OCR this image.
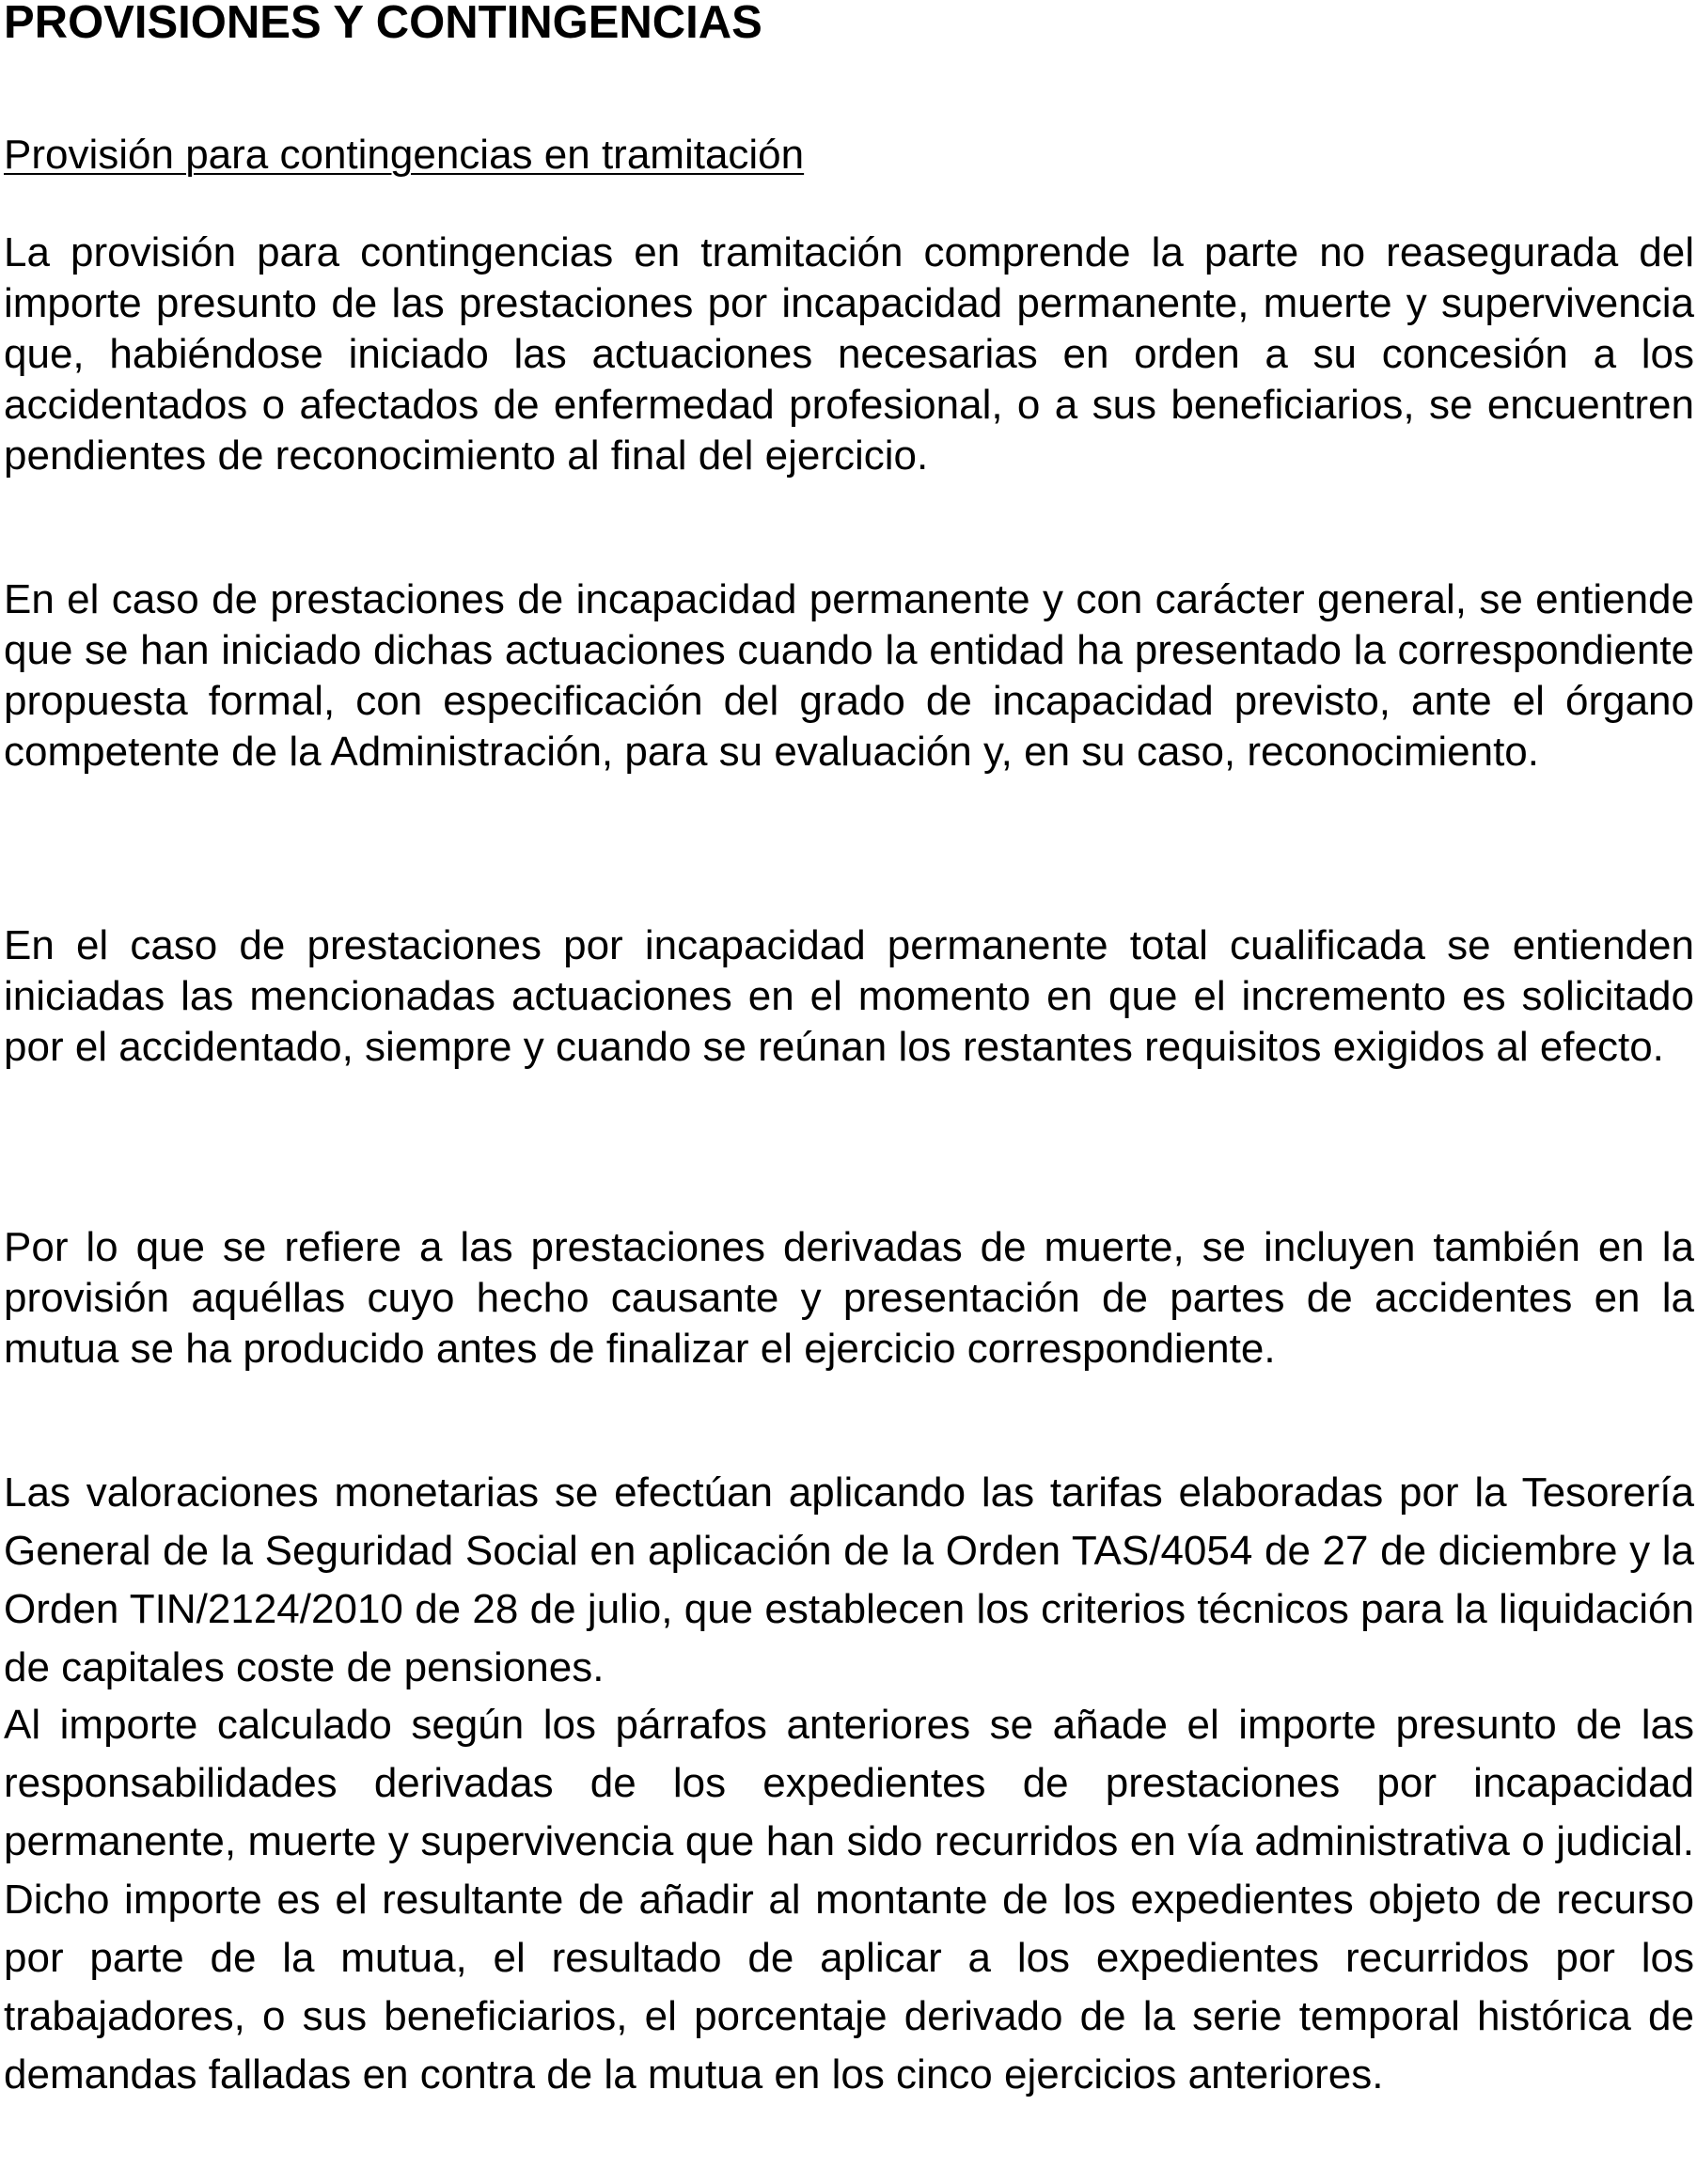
PROVISIONES Y CONTINGENCIAS
Provisión para contingencias en tramitación

La provisión para contingencias en tramitación comprende la parte no reasegurada del importe presunto de las prestaciones por incapacidad permanente, muerte y supervivencia que, habiéndose iniciado las actuaciones necesarias en orden a su concesión a los accidentados o afectados de enfermedad profesional, o a sus beneficiarios, se encuentren pendientes de reconocimiento al final del ejercicio.

En el caso de prestaciones de incapacidad permanente y con carácter general, se entiende que se han iniciado dichas actuaciones cuando la entidad ha presentado la correspondiente propuesta formal, con especificación del grado de incapacidad previsto, ante el órgano competente de la Administración, para su evaluación y, en su caso, reconocimiento.

En el caso de prestaciones por incapacidad permanente total cualificada se entienden iniciadas las mencionadas actuaciones en el momento en que el incremento es solicitado por el accidentado, siempre y cuando se reúnan los restantes requisitos exigidos al efecto.

Por lo que se refiere a las prestaciones derivadas de muerte, se incluyen también en la provisión aquéllas cuyo hecho causante y presentación de partes de accidentes en la mutua se ha producido antes de finalizar el ejercicio correspondiente.

Las valoraciones monetarias se efectúan aplicando las tarifas elaboradas por la Tesorería General de la Seguridad Social en aplicación de la Orden TAS/4054 de 27 de diciembre y la Orden TIN/2124/2010 de 28 de julio, que establecen los criterios técnicos para la liquidación de capitales coste de pensiones.

Al importe calculado según los párrafos anteriores se añade el importe presunto de las responsabilidades derivadas de los expedientes de prestaciones por incapacidad permanente, muerte y supervivencia que han sido recurridos en vía administrativa o judicial. Dicho importe es el resultante de añadir al montante de los expedientes objeto de recurso por parte de la mutua, el resultado de aplicar a los expedientes recurridos por los trabajadores, o sus beneficiarios, el porcentaje derivado de la serie temporal histórica de demandas falladas en contra de la mutua en los cinco ejercicios anteriores.
